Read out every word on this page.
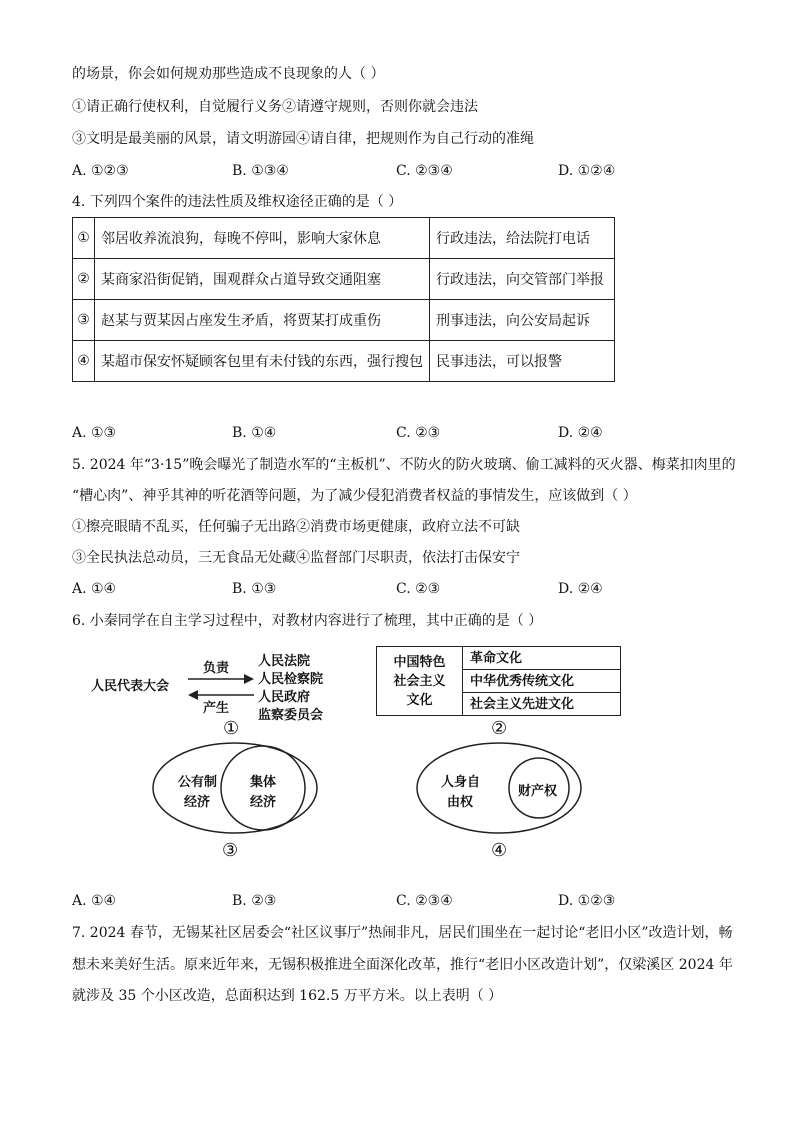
的场景，你会如何规劝那些造成不良现象的人（ ）
①请正确行使权利，自觉履行义务②请遵守规则，否则你就会违法
③文明是最美丽的风景，请文明游园④请自律，把规则作为自己行动的准绳
A. ①②③	B. ①③④	C. ②③④	D. ①②④
4. 下列四个案件的违法性质及维权途径正确的是（ ）
①	邻居收养流浪狗，每晚不停叫，影响大家休息	行政违法，给法院打电话
②	某商家沿街促销，围观群众占道导致交通阻塞	行政违法，向交管部门举报
③	赵某与贾某因占座发生矛盾，将贾某打成重伤	刑事违法，向公安局起诉
④	某超市保安怀疑顾客包里有未付钱的东西，强行搜包	民事违法，可以报警
A. ①③	B. ①④	C. ②③	D. ②④
5. 2024 年“3·15”晚会曝光了制造水军的“主板机”、不防火的防火玻璃、偷工减料的灭火器、梅菜扣肉里的
“槽心肉”、神乎其神的听花酒等问题，为了减少侵犯消费者权益的事情发生，应该做到（ ）
①擦亮眼睛不乱买，任何骗子无出路②消费市场更健康，政府立法不可缺
③全民执法总动员，三无食品无处藏④监督部门尽职责，依法打击保安宁
A. ①④	B. ①③	C. ②③	D. ②④
6. 小秦同学在自主学习过程中，对教材内容进行了梳理，其中正确的是（ ）
人民代表大会
负责
产生
人民法院
人民检察院
人民政府
监察委员会
①
中国特色
社会主义
文化
革命文化
中华优秀传统文化
社会主义先进文化
②
公有制
经济
集体
经济
③
人身自
由权
财产权
④
A. ①④	B. ②③	C. ②③④	D. ①②③
7. 2024 春节，无锡某社区居委会“社区议事厅”热闹非凡，居民们围坐在一起讨论“老旧小区”改造计划，畅
想未来美好生活。原来近年来，无锡积极推进全面深化改革，推行“老旧小区改造计划”，仅梁溪区 2024 年
就涉及 35 个小区改造，总面积达到 162.5 万平方米。以上表明（ ）
